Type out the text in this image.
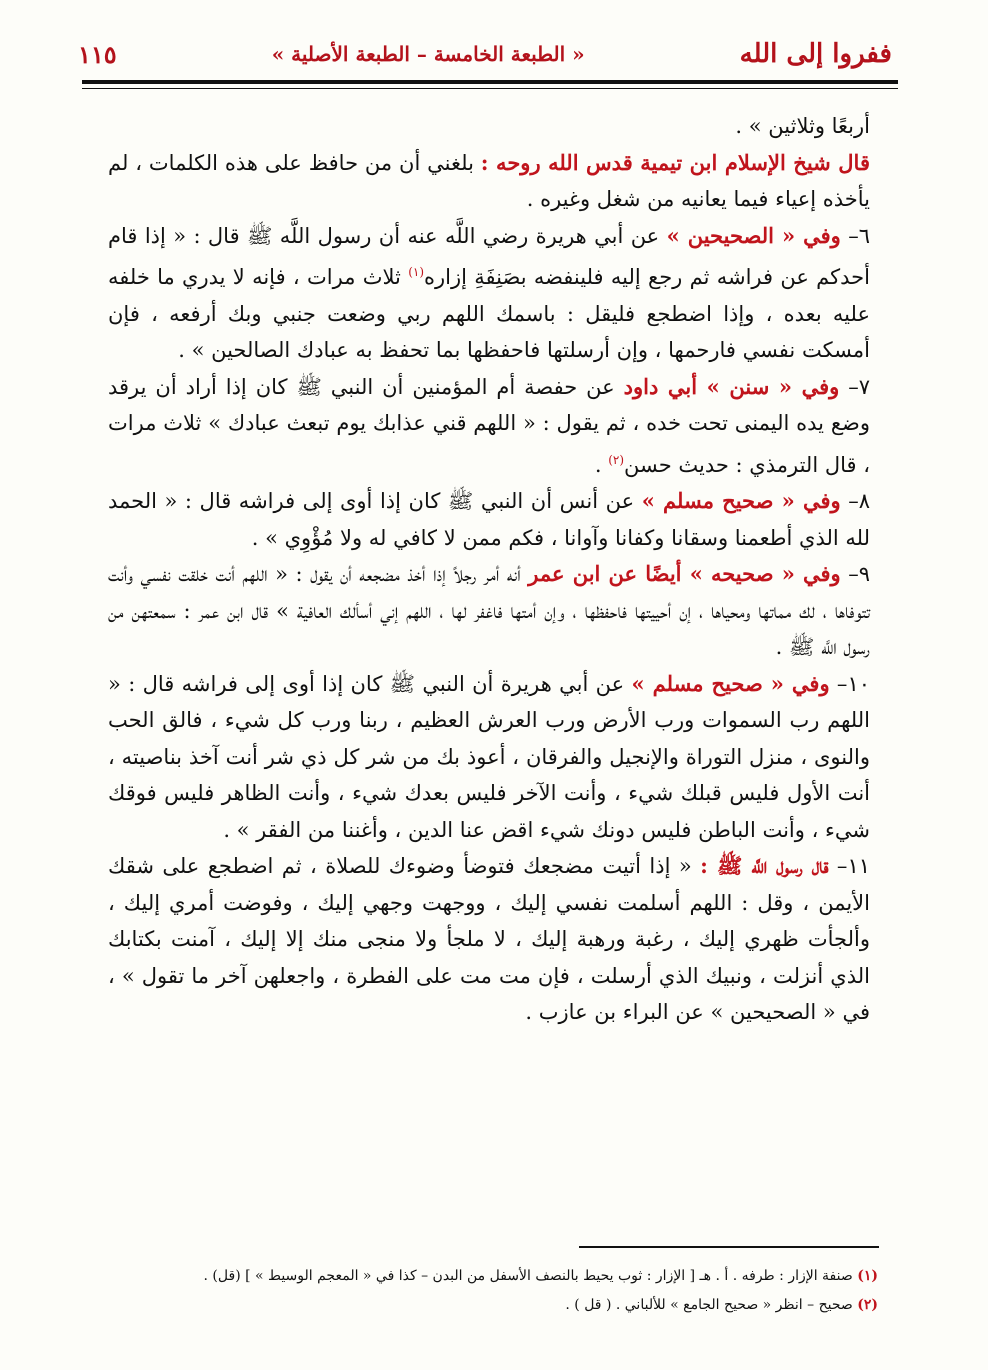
ففروا إلى الله
« الطبعة الخامسة – الطبعة الأصلية »
١١٥

أربعًا وثلاثين » .

قال شيخ الإسلام ابن تيمية قدس الله روحه : بلغني أن من حافظ على هذه الكلمات ، لم يأخذه إعياء فيما يعانيه من شغل وغيره .

٦– وفي « الصحيحين » عن أبي هريرة رضي اللَّه عنه أن رسول اللَّه ﷺ قال : « إذا قام أحدكم عن فراشه ثم رجع إليه فلينفضه بصَنِفَةِ إزاره$^{(١)}$ ثلاث مرات ، فإنه لا يدري ما خلفه عليه بعده ، وإذا اضطجع فليقل : باسمك اللهم ربي وضعت جنبي وبك أرفعه ، فإن أمسكت نفسي فارحمها ، وإن أرسلتها فاحفظها بما تحفظ به عبادك الصالحين » .

٧– وفي « سنن » أبي داود عن حفصة أم المؤمنين أن النبي ﷺ كان إذا أراد أن يرقد وضع يده اليمنى تحت خده ، ثم يقول : « اللهم قني عذابك يوم تبعث عبادك » ثلاث مرات ، قال الترمذي : حديث حسن$^{(٢)}$ .

٨– وفي « صحيح مسلم » عن أنس أن النبي ﷺ كان إذا أوى إلى فراشه قال : « الحمد لله الذي أطعمنا وسقانا وكفانا وآوانا ، فكم ممن لا كافي له ولا مُؤْوِي » .

٩– وفي « صحيحه » أيضًا عن ابن عمر أنه أمر رجلاً إذا أخذ مضجعه أن يقول : « اللهم أنت خلقت نفسي وأنت تتوفاها ، لك مماتها ومحياها ، إن أحييتها فاحفظها ، وإن أمتها فاغفر لها ، اللهم إني أسألك العافية » قال ابن عمر : سمعتهن من رسول اللَّه ﷺ .

١٠– وفي « صحيح مسلم » عن أبي هريرة أن النبي ﷺ كان إذا أوى إلى فراشه قال : « اللهم رب السموات ورب الأرض ورب العرش العظيم ، ربنا ورب كل شيء ، فالق الحب والنوى ، منزل التوراة والإنجيل والفرقان ، أعوذ بك من شر كل ذي شر أنت آخذ بناصيته ، أنت الأول فليس قبلك شيء ، وأنت الآخر فليس بعدك شيء ، وأنت الظاهر فليس فوقك شيء ، وأنت الباطن فليس دونك شيء اقض عنا الدين ، وأغننا من الفقر » .

١١– قال رسول اللَّه ﷺ : « إذا أتيت مضجعك فتوضأ وضوءك للصلاة ، ثم اضطجع على شقك الأيمن ، وقل : اللهم أسلمت نفسي إليك ، ووجهت وجهي إليك ، وفوضت أمري إليك ، وألجأت ظهري إليك ، رغبة ورهبة إليك ، لا ملجأ ولا منجى منك إلا إليك ، آمنت بكتابك الذي أنزلت ، ونبيك الذي أرسلت ، فإن مت مت على الفطرة ، واجعلهن آخر ما تقول » ، في « الصحيحين » عن البراء بن عازب .

(١) صنفة الإزار : طرفه . أ . هـ [ الإزار : ثوب يحيط بالنصف الأسفل من البدن – كذا في « المعجم الوسيط » ] (قل) .
(٢) صحيح – انظر « صحيح الجامع » للألباني . ( قل ) .
